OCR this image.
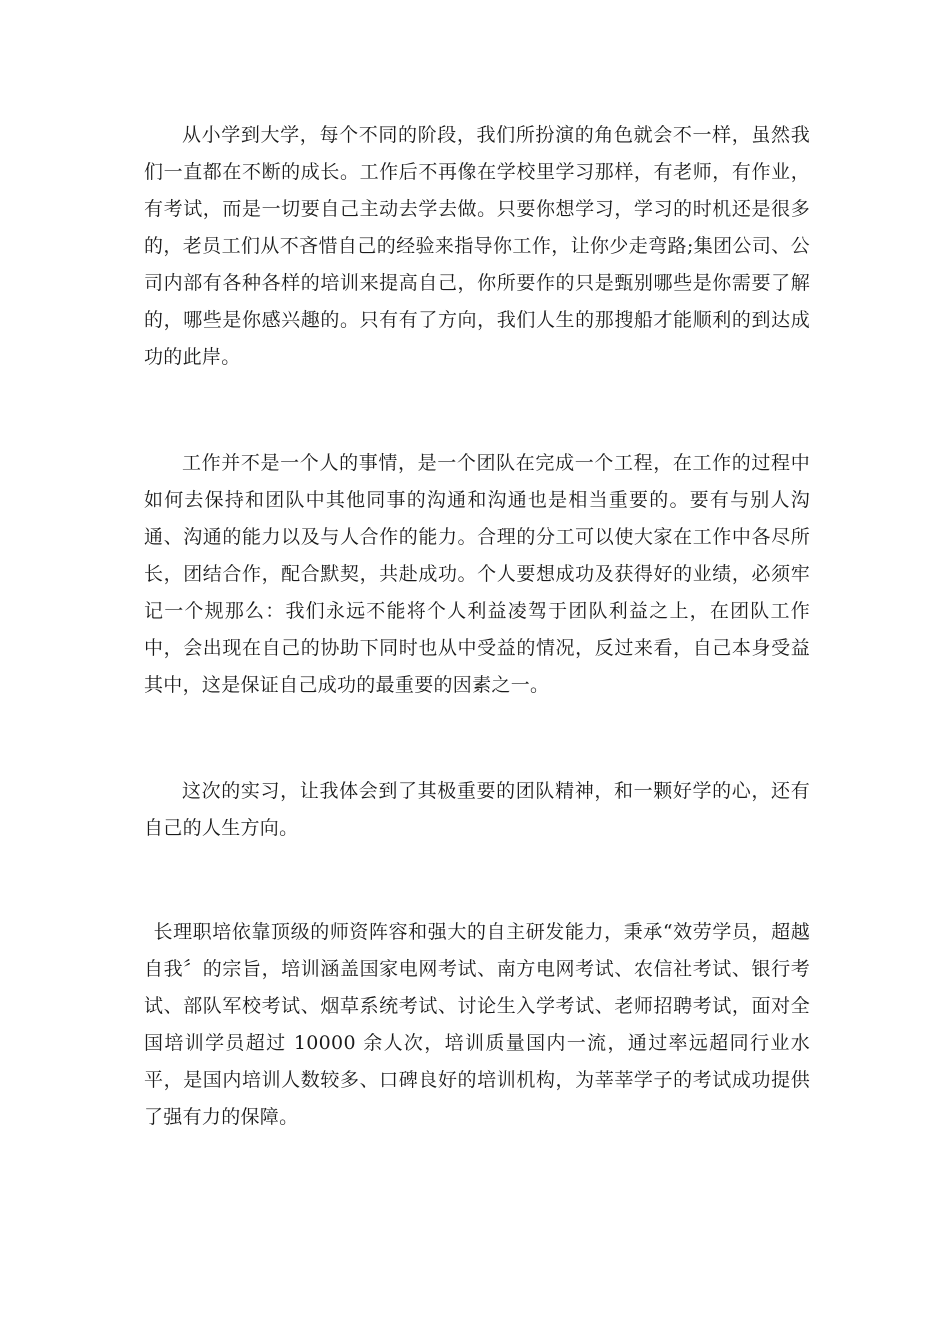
从小学到大学，每个不同的阶段，我们所扮演的角色就会不一样，虽然我们一直都在不断的成长。工作后不再像在学校里学习那样，有老师，有作业，有考试，而是一切要自己主动去学去做。只要你想学习，学习的时机还是很多的，老员工们从不吝惜自己的经验来指导你工作，让你少走弯路;集团公司、公司内部有各种各样的培训来提高自己，你所要作的只是甄别哪些是你需要了解的，哪些是你感兴趣的。只有有了方向，我们人生的那搜船才能顺利的到达成功的此岸。

工作并不是一个人的事情，是一个团队在完成一个工程，在工作的过程中如何去保持和团队中其他同事的沟通和沟通也是相当重要的。要有与别人沟通、沟通的能力以及与人合作的能力。合理的分工可以使大家在工作中各尽所长，团结合作，配合默契，共赴成功。个人要想成功及获得好的业绩，必须牢记一个规那么：我们永远不能将个人利益凌驾于团队利益之上，在团队工作中，会出现在自己的协助下同时也从中受益的情况，反过来看，自己本身受益其中，这是保证自己成功的最重要的因素之一。

这次的实习，让我体会到了其极重要的团队精神，和一颗好学的心，还有自己的人生方向。

长理职培依靠顶级的师资阵容和强大的自主研发能力，秉承“效劳学员，超越自我〞的宗旨，培训涵盖国家电网考试、南方电网考试、农信社考试、银行考试、部队军校考试、烟草系统考试、讨论生入学考试、老师招聘考试，面对全国培训学员超过 10000 余人次，培训质量国内一流，通过率远超同行业水平，是国内培训人数较多、口碑良好的培训机构，为莘莘学子的考试成功提供了强有力的保障。
